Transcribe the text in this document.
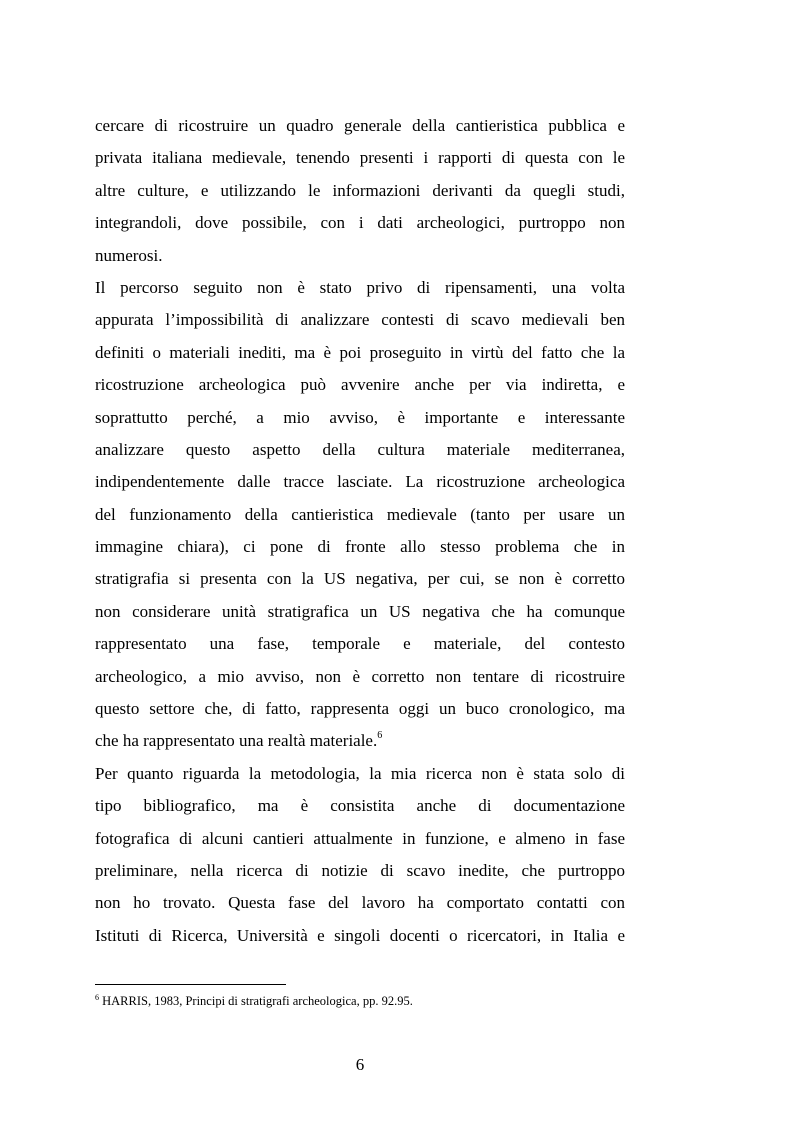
cercare di ricostruire un quadro generale della cantieristica pubblica e
privata italiana medievale, tenendo presenti i rapporti di questa con le
altre culture, e utilizzando le informazioni derivanti da quegli studi,
integrandoli, dove possibile, con i dati archeologici, purtroppo non
numerosi.
Il percorso seguito non è stato privo di ripensamenti, una volta
appurata l’impossibilità di analizzare contesti di scavo medievali ben
definiti o materiali inediti, ma è poi proseguito in virtù del fatto che la
ricostruzione archeologica può avvenire anche per via indiretta, e
soprattutto perché, a mio avviso, è importante e interessante
analizzare questo aspetto della cultura materiale mediterranea,
indipendentemente dalle tracce lasciate. La ricostruzione archeologica
del funzionamento della cantieristica medievale (tanto per usare un
immagine chiara), ci pone di fronte allo stesso problema che in
stratigrafia si presenta con la US negativa, per cui, se non è corretto
non considerare unità stratigrafica un US negativa che ha comunque
rappresentato una fase, temporale e materiale, del contesto
archeologico, a mio avviso, non è corretto non tentare di ricostruire
questo settore che, di fatto, rappresenta oggi un buco cronologico, ma
che ha rappresentato una realtà materiale.$^6$
Per quanto riguarda la metodologia, la mia ricerca non è stata solo di
tipo bibliografico, ma è consistita anche di documentazione
fotografica di alcuni cantieri attualmente in funzione, e almeno in fase
preliminare, nella ricerca di notizie di scavo inedite, che purtroppo
non ho trovato. Questa fase del lavoro ha comportato contatti con
Istituti di Ricerca, Università e singoli docenti o ricercatori, in Italia e
$^6$ HARRIS, 1983, Principi di stratigrafi archeologica, pp. 92.95.
6
